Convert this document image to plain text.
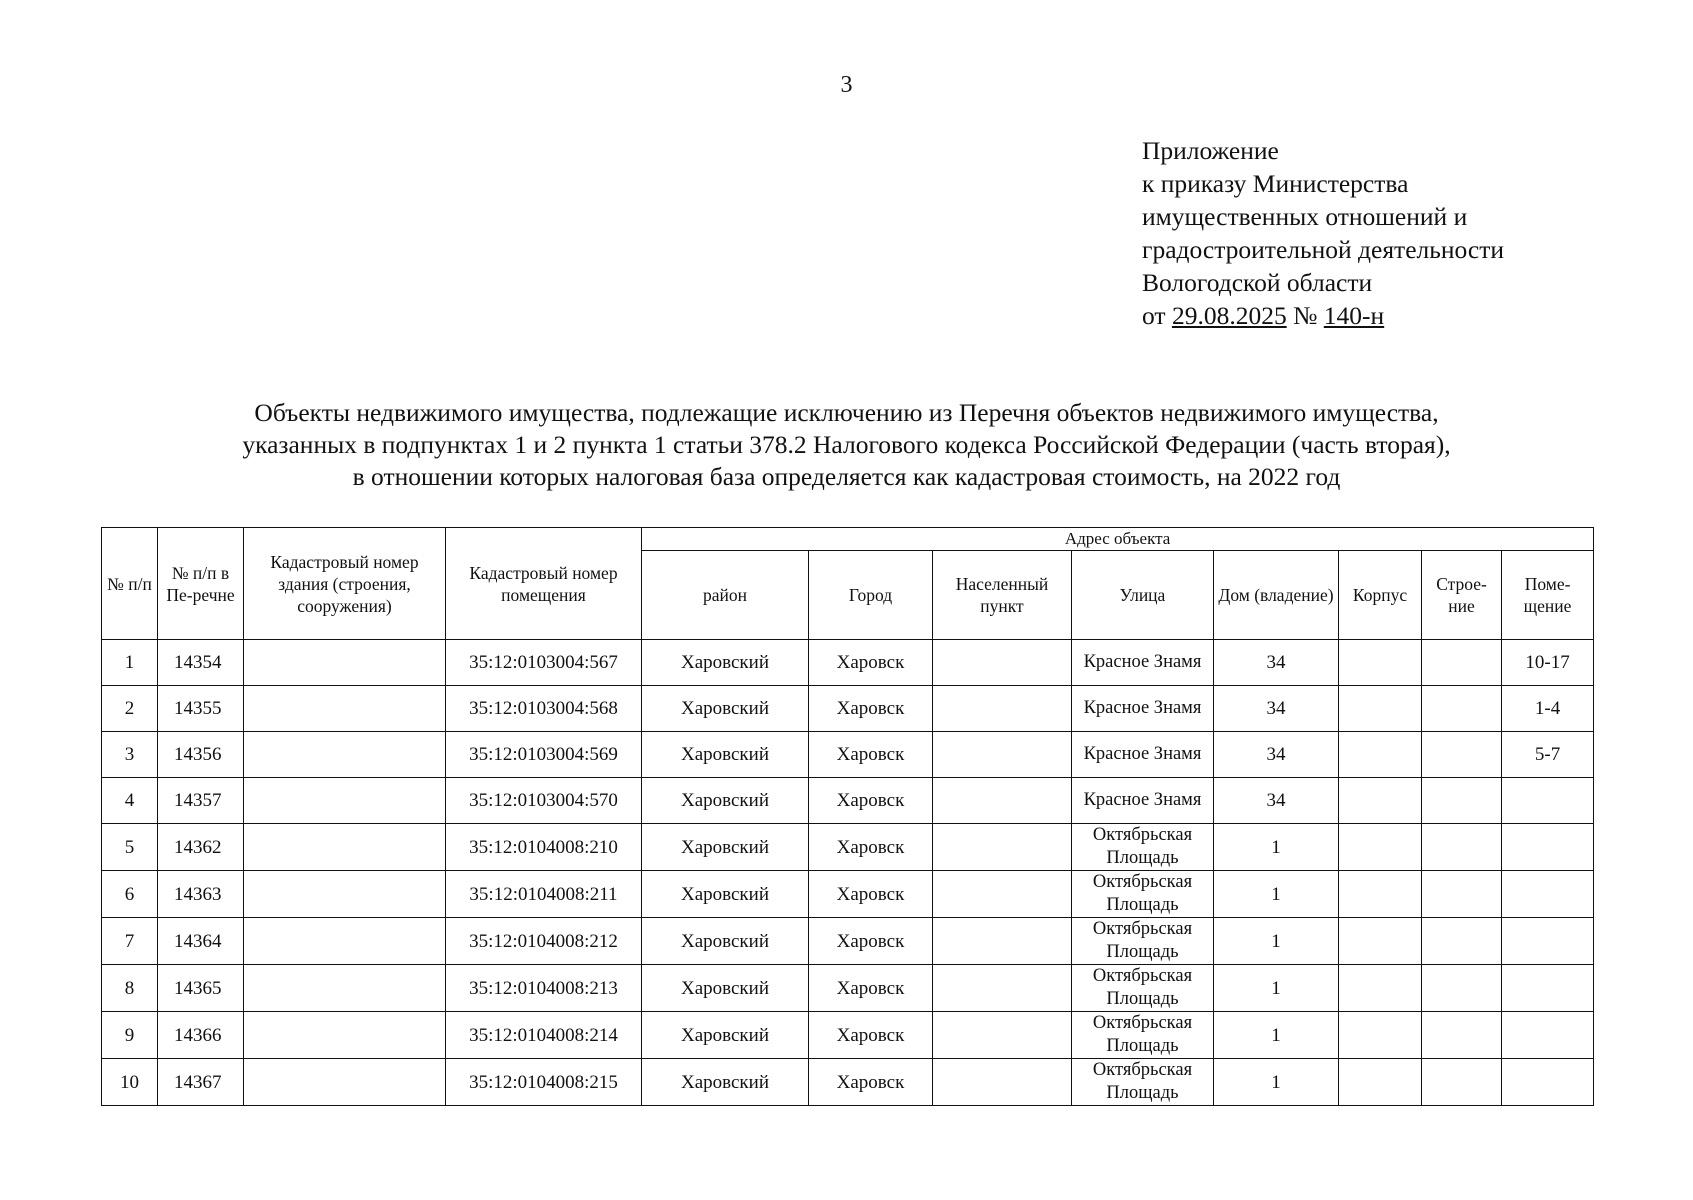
3
Приложение
к приказу Министерства
имущественных отношений и
градостроительной деятельности
Вологодской области
от 29.08.2025 № 140-н
Объекты недвижимого имущества, подлежащие исключению из Перечня объектов недвижимого имущества,
указанных в подпунктах 1 и 2 пункта 1 статьи 378.2 Налогового кодекса Российской Федерации (часть вторая),
в отношении которых налоговая база определяется как кадастровая стоимость, на 2022 год
№ п/п	№ п/п в Пе-речне	Кадастровый номер здания (строения, сооружения)	Кадастровый номер помещения	Адрес объекта							
				район	Город	Населенный пункт	Улица	Дом (владение)	Корпус	Строе-ние	Поме-щение
1	14354		35:12:0103004:567	Харовский	Харовск		Красное Знамя	34			10-17
2	14355		35:12:0103004:568	Харовский	Харовск		Красное Знамя	34			1-4
3	14356		35:12:0103004:569	Харовский	Харовск		Красное Знамя	34			5-7
4	14357		35:12:0103004:570	Харовский	Харовск		Красное Знамя	34			
5	14362		35:12:0104008:210	Харовский	Харовск		Октябрьская Площадь	1			
6	14363		35:12:0104008:211	Харовский	Харовск		Октябрьская Площадь	1			
7	14364		35:12:0104008:212	Харовский	Харовск		Октябрьская Площадь	1			
8	14365		35:12:0104008:213	Харовский	Харовск		Октябрьская Площадь	1			
9	14366		35:12:0104008:214	Харовский	Харовск		Октябрьская Площадь	1			
10	14367		35:12:0104008:215	Харовский	Харовск		Октябрьская Площадь	1			
